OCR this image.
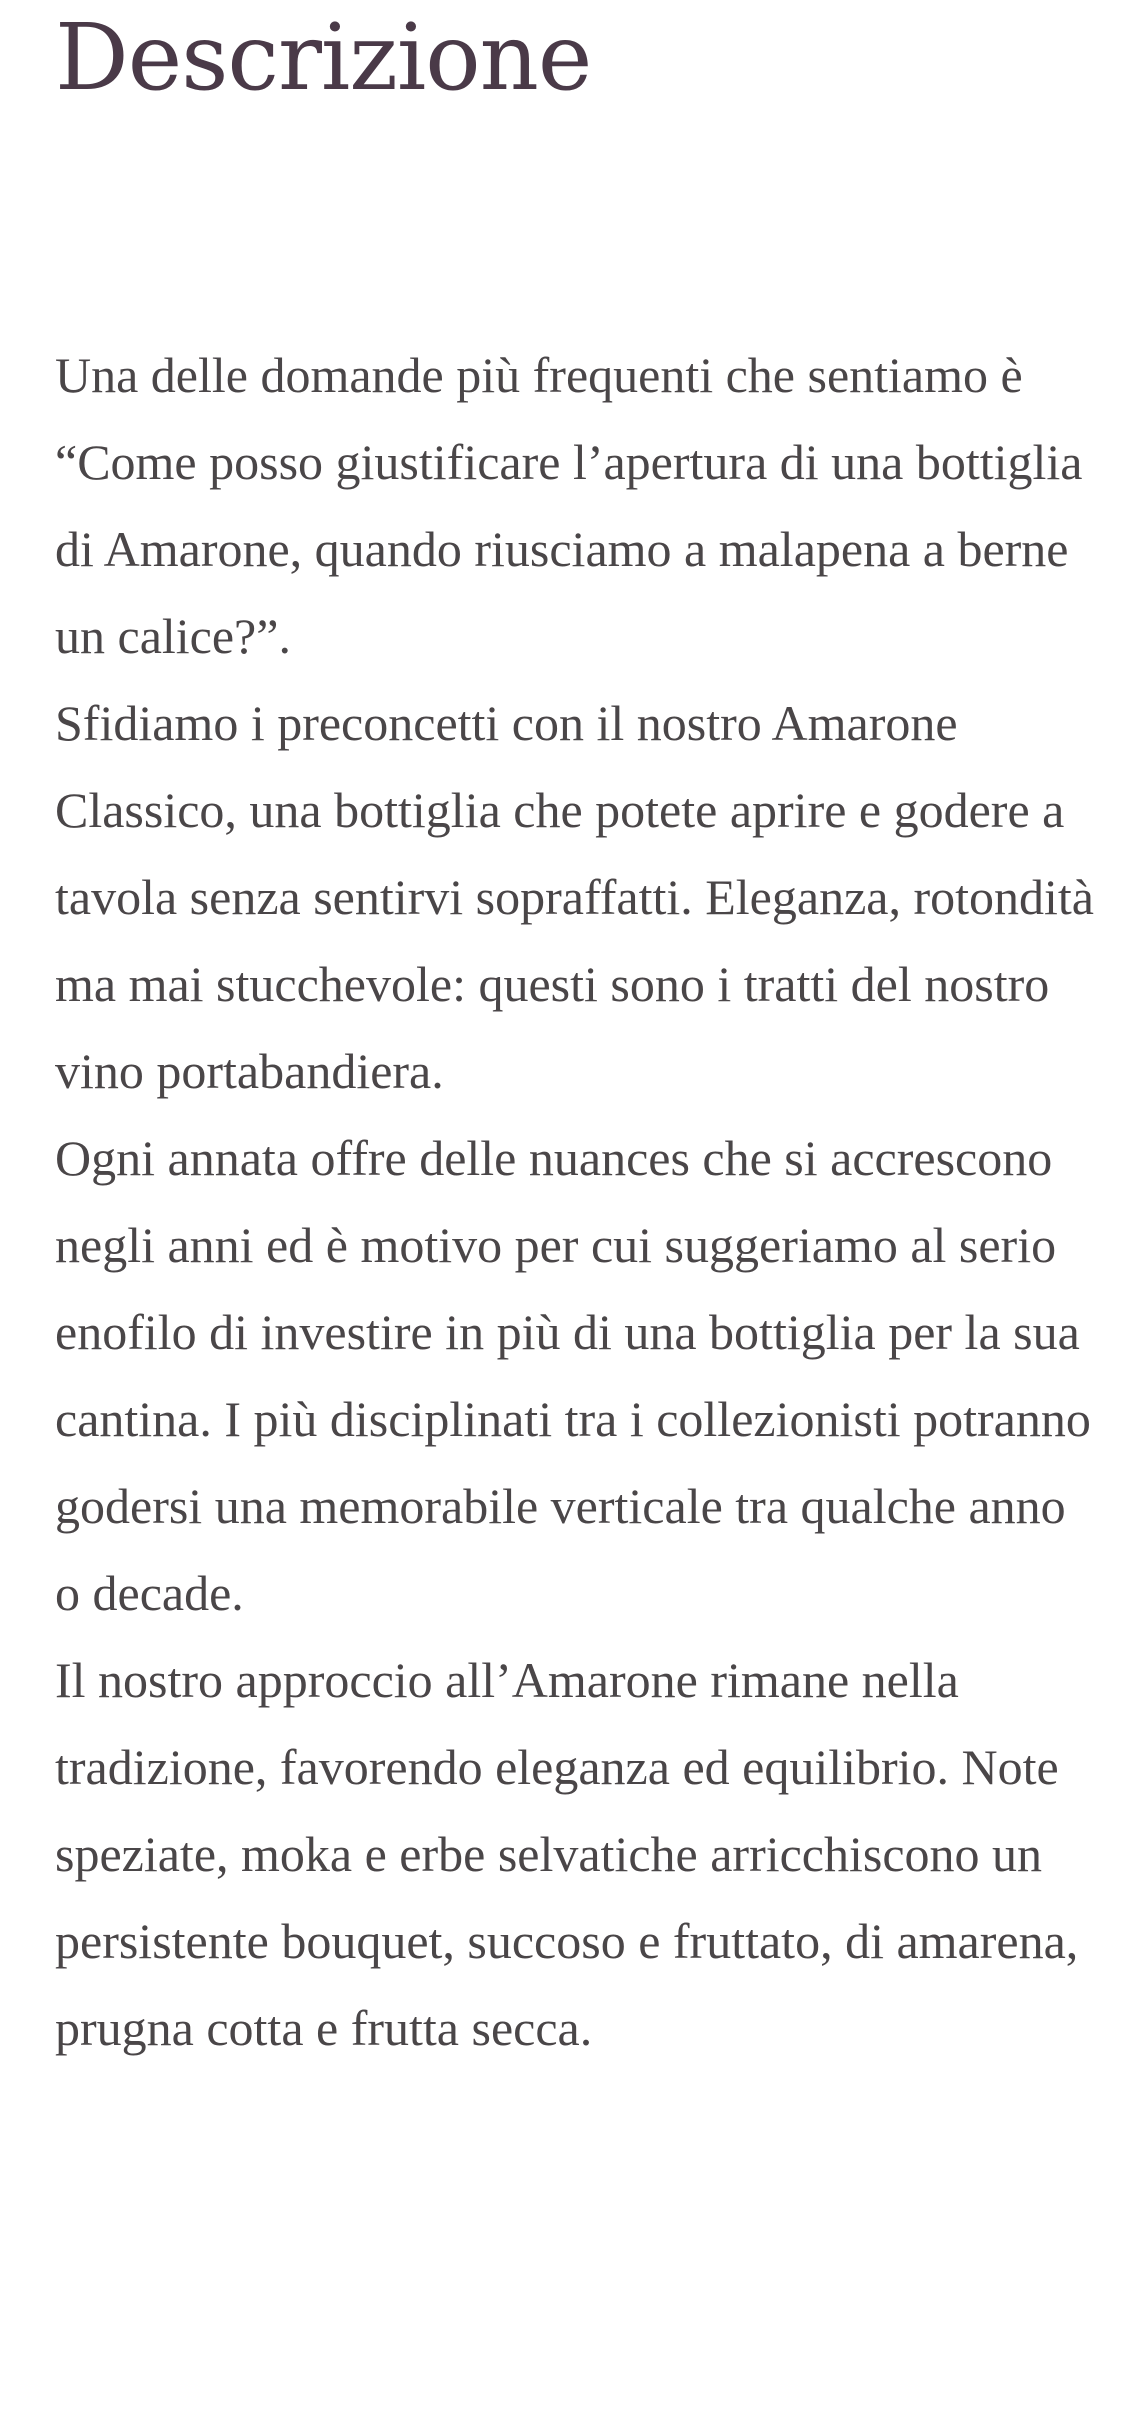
Descrizione

Una delle domande più frequenti che sentiamo è “Come posso giustificare l’apertura di una bottiglia di Amarone, quando riusciamo a malapena a berne un calice?”.

Sfidiamo i preconcetti con il nostro Amarone Classico, una bottiglia che potete aprire e godere a tavola senza sentirvi sopraffatti. Eleganza, rotondità ma mai stucchevole: questi sono i tratti del nostro vino portabandiera.

Ogni annata offre delle nuances che si accrescono negli anni ed è motivo per cui suggeriamo al serio enofilo di investire in più di una bottiglia per la sua cantina. I più disciplinati tra i collezionisti potranno godersi una memorabile verticale tra qualche anno o decade.

Il nostro approccio all’Amarone rimane nella tradizione, favorendo eleganza ed equilibrio. Note speziate, moka e erbe selvatiche arricchiscono un persistente bouquet, succoso e fruttato, di amarena, prugna cotta e frutta secca.
